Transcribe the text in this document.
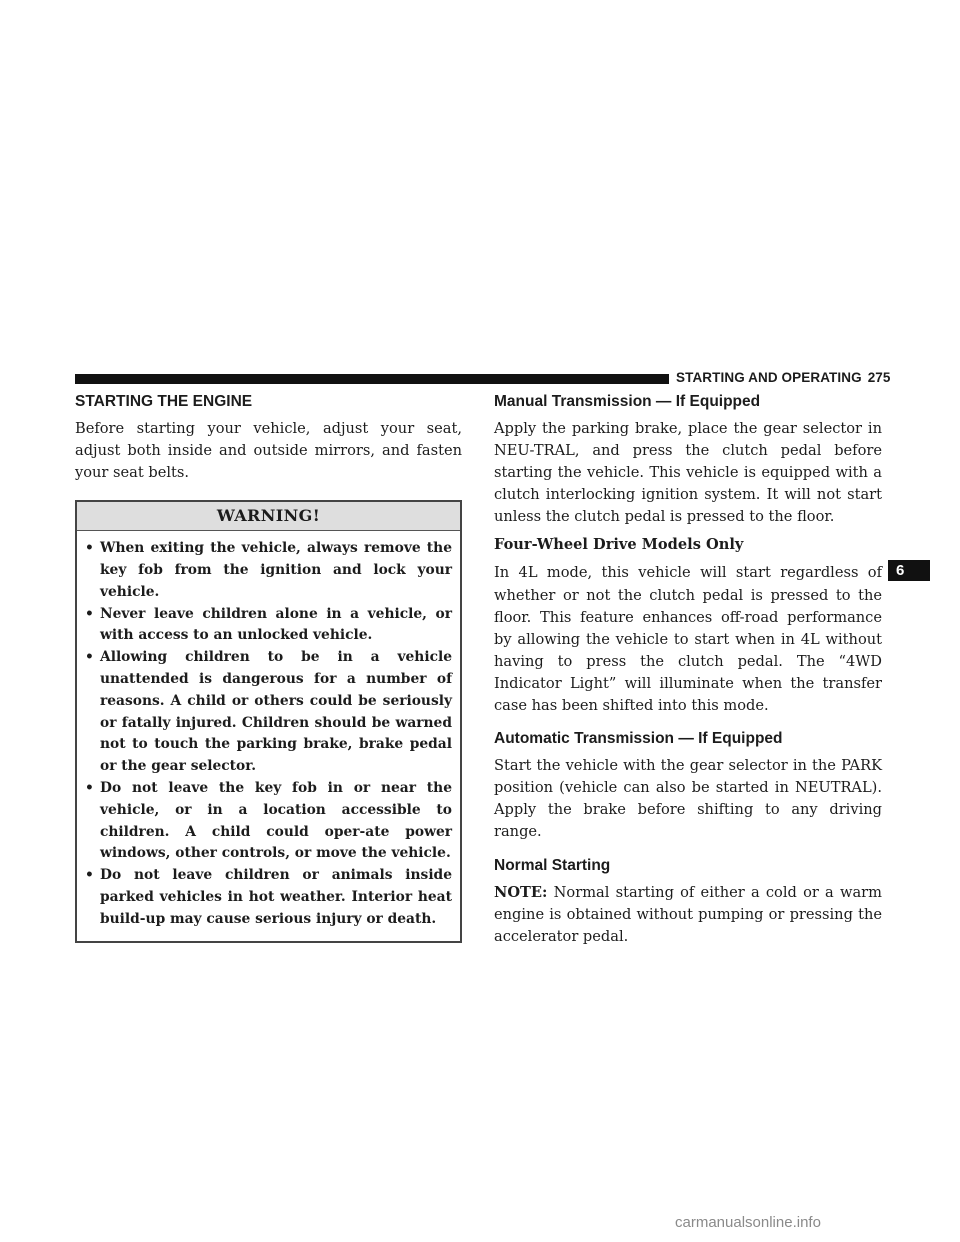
STARTING AND OPERATING 275
STARTING THE ENGINE

Before starting your vehicle, adjust your seat, adjust both inside and outside mirrors, and fasten your seat belts.

WARNING!
• When exiting the vehicle, always remove the key fob from the ignition and lock your vehicle.
• Never leave children alone in a vehicle, or with access to an unlocked vehicle.
• Allowing children to be in a vehicle unattended is dangerous for a number of reasons. A child or others could be seriously or fatally injured. Children should be warned not to touch the parking brake, brake pedal or the gear selector.
• Do not leave the key fob in or near the vehicle, or in a location accessible to children. A child could oper-ate power windows, other controls, or move the vehicle.
• Do not leave children or animals inside parked vehicles in hot weather. Interior heat build-up may cause serious injury or death.
Manual Transmission — If Equipped

Apply the parking brake, place the gear selector in NEU-TRAL, and press the clutch pedal before starting the vehicle. This vehicle is equipped with a clutch interlocking ignition system. It will not start unless the clutch pedal is pressed to the floor.

Four-Wheel Drive Models Only

In 4L mode, this vehicle will start regardless of whether or not the clutch pedal is pressed to the floor. This feature enhances off-road performance by allowing the vehicle to start when in 4L without having to press the clutch pedal. The “4WD Indicator Light” will illuminate when the transfer case has been shifted into this mode.

Automatic Transmission — If Equipped

Start the vehicle with the gear selector in the PARK position (vehicle can also be started in NEUTRAL). Apply the brake before shifting to any driving range.

Normal Starting

NOTE: Normal starting of either a cold or a warm engine is obtained without pumping or pressing the accelerator pedal.

6
carmanualsonline.info
